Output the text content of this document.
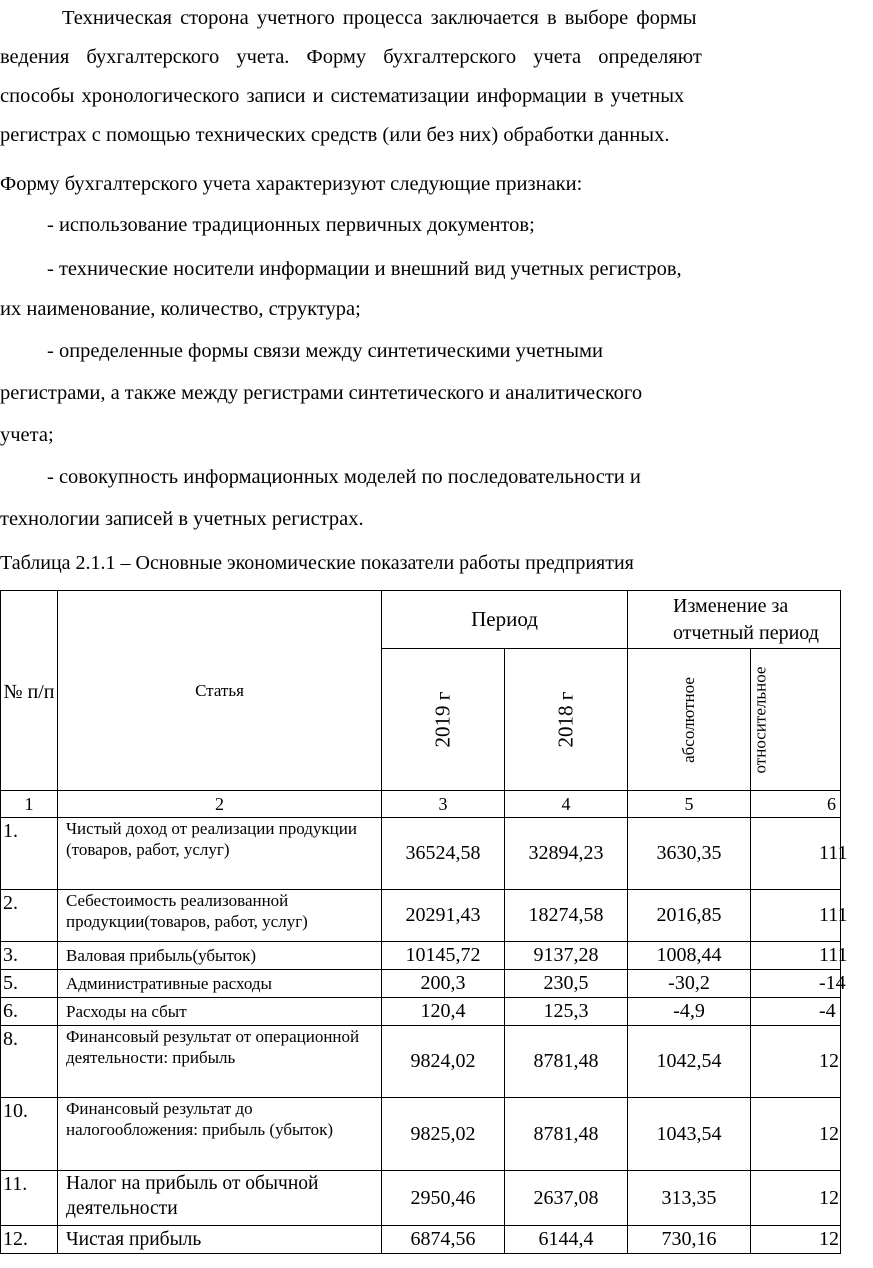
Техническая сторона учетного процесса заключается в выборе формы
ведения бухгалтерского учета. Форму бухгалтерского учета определяют
способы хронологического записи и систематизации информации в учетных
регистрах с помощью технических средств (или без них) обработки данных.
Форму бухгалтерского учета характеризуют следующие признаки:
- использование традиционных первичных документов;
- технические носители информации и внешний вид учетных регистров,
их наименование, количество, структура;
- определенные формы связи между синтетическими учетными
регистрами, а также между регистрами синтетического и аналитического
учета;
- совокупность информационных моделей по последовательности и
технологии записей в учетных регистрах.
Таблица 2.1.1 – Основные экономические показатели работы предприятия
№ п/п	Статья	Период		Изменение за отчетный период	

		2019 г	2018 г	абсолютное	относительное
1	2	3	4	5	6
1.	Чистый доход от реализации продукции (товаров, работ, услуг)	36524,58	32894,23	3630,35	111
2.	Себестоимость реализованной продукции(товаров, работ, услуг)	20291,43	18274,58	2016,85	111
3.	Валовая прибыль(убыток)	10145,72	9137,28	1008,44	111
5.	Административные расходы	200,3	230,5	-30,2	-14
6.	Расходы на сбыт	120,4	125,3	-4,9	-4
8.	Финансовый результат от операционной деятельности: прибыль	9824,02	8781,48	1042,54	12
10.	Финансовый результат до налогообложения: прибыль (убыток)	9825,02	8781,48	1043,54	12
11.	Налог на прибыль от обычной деятельности	2950,46	2637,08	313,35	12
12.	Чистая прибыль	6874,56	6144,4	730,16	12
